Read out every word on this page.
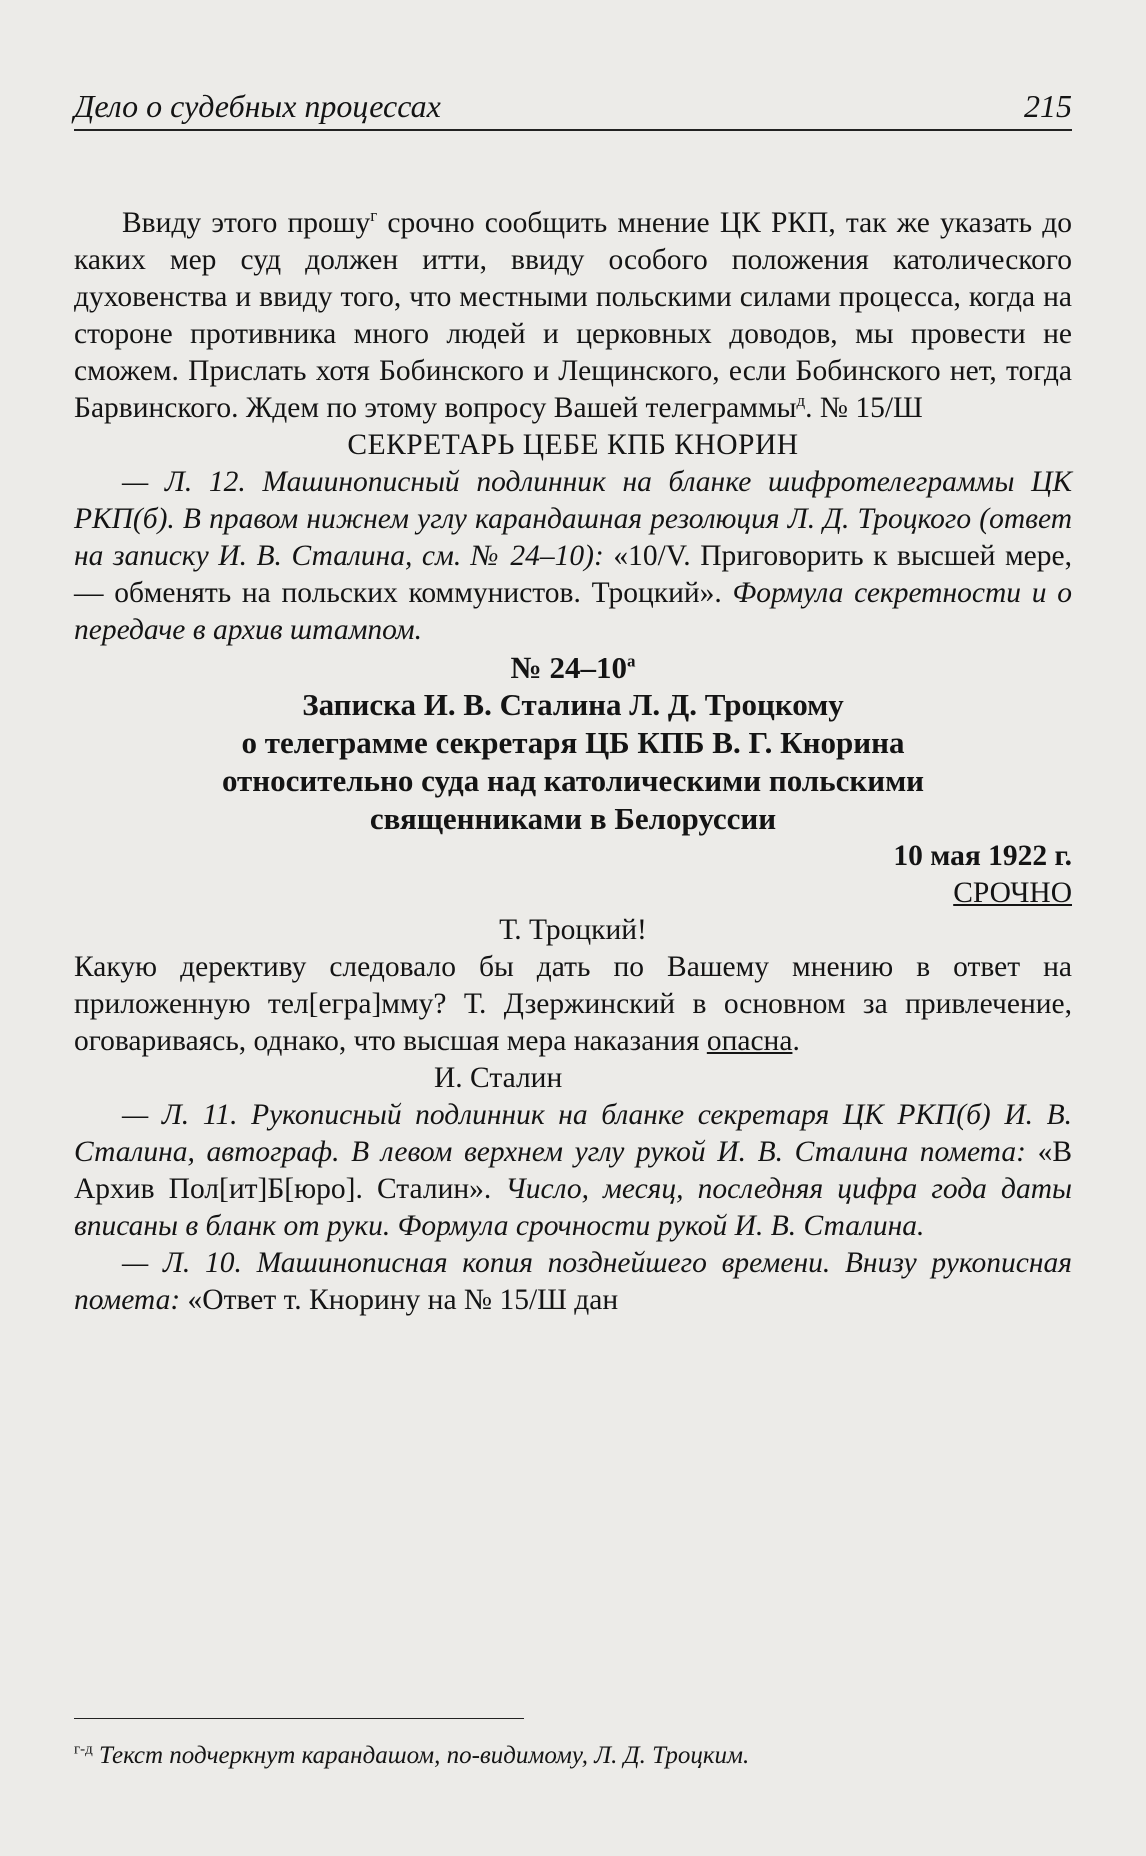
Дело о судебных процессах	215

Ввиду этого прошу$^г$ срочно сообщить мнение ЦК РКП, так же указать до каких мер суд должен итти, ввиду особого положения католического духовенства и ввиду того, что местными польскими силами процесса, когда на стороне противника много людей и церковных доводов, мы провести не сможем. Прислать хотя Бобинского и Лещинского, если Бобинского нет, тогда Барвинского. Ждем по этому вопросу Вашей телеграммы$^д$. № 15/Ш

СЕКРЕТАРЬ ЦЕБЕ КПБ КНОРИН

— Л. 12. Машинописный подлинник на бланке шифротелеграммы ЦК РКП(б). В правом нижнем углу карандашная резолюция Л. Д. Троцкого (ответ на записку И. В. Сталина, см. № 24–10): «10/V. Приговорить к высшей мере,— обменять на польских коммунистов. Троцкий». Формула секретности и о передаче в архив штампом.

№ 24–10$^a$

Записка И. В. Сталина Л. Д. Троцкому

о телеграмме секретаря ЦБ КПБ В. Г. Кнорина

относительно суда над католическими польскими

священниками в Белоруссии

10 мая 1922 г.

СРОЧНО

Т. Троцкий!

Какую дерективу следовало бы дать по Вашему мнению в ответ на приложенную тел[егра]мму? Т. Дзержинский в основном за привлечение, оговариваясь, однако, что высшая мера наказания опасна.

И. Сталин

— Л. 11. Рукописный подлинник на бланке секретаря ЦК РКП(б) И. В. Сталина, автограф. В левом верхнем углу рукой И. В. Сталина помета: «В Архив Пол[ит]Б[юро]. Сталин». Число, месяц, последняя цифра года даты вписаны в бланк от руки. Формула срочности рукой И. В. Сталина.

— Л. 10. Машинописная копия позднейшего времени. Внизу рукописная помета: «Ответ т. Кнорину на № 15/Ш дан

$^{г-д}$ Текст подчеркнут карандашом, по-видимому, Л. Д. Троцким.
